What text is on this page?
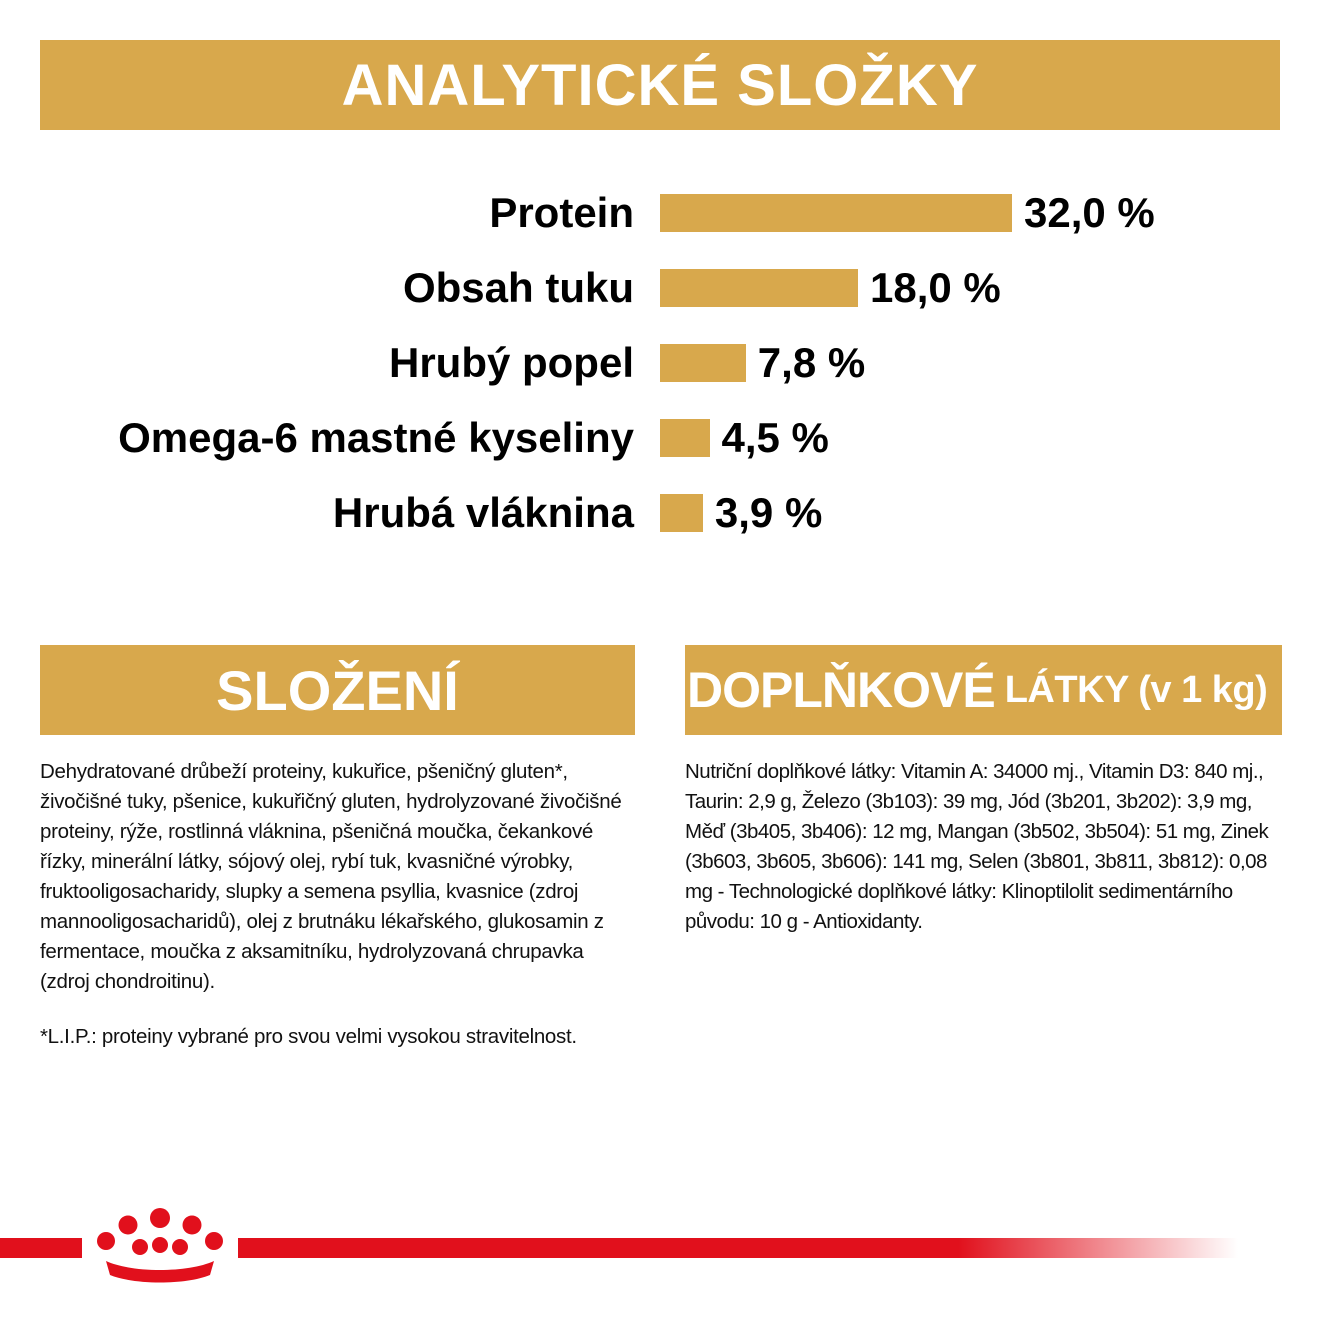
ANALYTICKÉ SLOŽKY
Protein	32,0 %
Obsah tuku	18,0 %
Hrubý popel	7,8 %
Omega-6 mastné kyseliny 4,5 %
Hrubá vláknina 3,9 %
SLOŽENÍ	DOPLŇKOVÉ LÁTKY (v 1 kg)
Dehydratované drůbeží proteiny, kukuřice, pšeničný gluten*, živočišné tuky, pšenice, kukuřičný gluten, hydrolyzované živočišné proteiny, rýže, rostlinná vláknina, pšeničná moučka, čekankové řízky, minerální látky, sójový olej, rybí tuk, kvasničné výrobky, fruktooligosacharidy, slupky a semena psyllia, kvasnice (zdroj mannooligosacharidů), olej z brutnáku lékařského, glukosamin z fermentace, moučka z aksamitníku, hydrolyzovaná chrupavka (zdroj chondroitinu).
*L.I.P.: proteiny vybrané pro svou velmi vysokou stravitelnost.
Nutriční doplňkové látky: Vitamin A: 34000 mj., Vitamin D3: 840 mj., Taurin: 2,9 g, Železo (3b103): 39 mg, Jód (3b201, 3b202): 3,9 mg, Měď (3b405, 3b406): 12 mg, Mangan (3b502, 3b504): 51 mg, Zinek (3b603, 3b605, 3b606): 141 mg, Selen (3b801, 3b811, 3b812): 0,08 mg - Technologické doplňkové látky: Klinoptilolit sedimentárního původu: 10 g - Antioxidanty.
